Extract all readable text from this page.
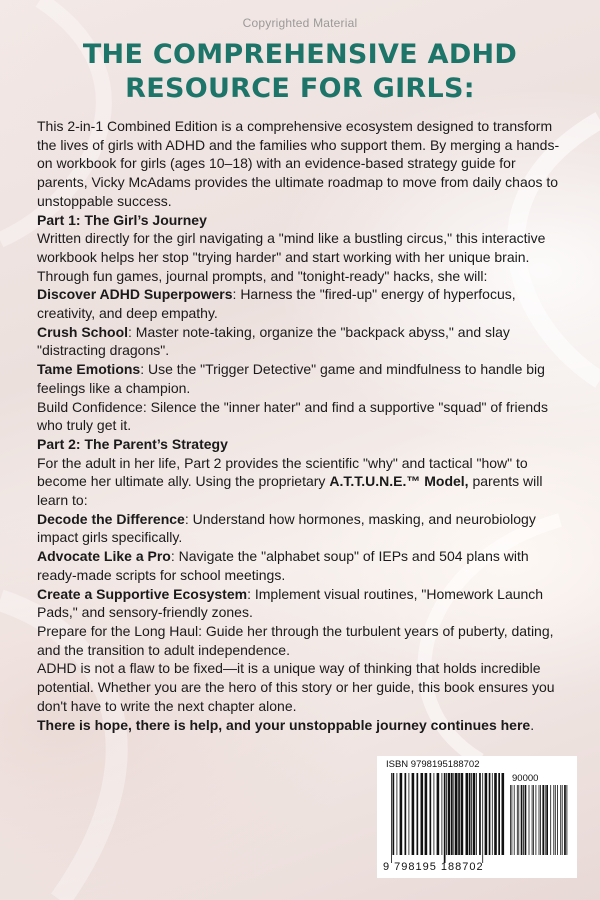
Copyrighted Material
THE COMPREHENSIVE ADHD
RESOURCE FOR GIRLS:

This 2-in-1 Combined Edition is a comprehensive ecosystem designed to transform the lives of girls with ADHD and the families who support them. By merging a hands-on workbook for girls (ages 10–18) with an evidence-based strategy guide for parents, Vicky McAdams provides the ultimate roadmap to move from daily chaos to unstoppable success.

Part 1: The Girl’s Journey

Written directly for the girl navigating a "mind like a bustling circus," this interactive workbook helps her stop "trying harder" and start working with her unique brain. Through fun games, journal prompts, and "tonight-ready" hacks, she will:

Discover ADHD Superpowers: Harness the "fired-up" energy of hyperfocus, creativity, and deep empathy.

Crush School: Master note-taking, organize the "backpack abyss," and slay "distracting dragons".

Tame Emotions: Use the "Trigger Detective" game and mindfulness to handle big feelings like a champion.

Build Confidence: Silence the "inner hater" and find a supportive "squad" of friends who truly get it.

Part 2: The Parent’s Strategy

For the adult in her life, Part 2 provides the scientific "why" and tactical "how" to become her ultimate ally. Using the proprietary A.T.T.U.N.E.™ Model, parents will learn to:

Decode the Difference: Understand how hormones, masking, and neurobiology impact girls specifically.

Advocate Like a Pro: Navigate the "alphabet soup" of IEPs and 504 plans with ready-made scripts for school meetings.

Create a Supportive Ecosystem: Implement visual routines, "Homework Launch Pads," and sensory-friendly zones.

Prepare for the Long Haul: Guide her through the turbulent years of puberty, dating, and the transition to adult independence.

ADHD is not a flaw to be fixed—it is a unique way of thinking that holds incredible potential. Whether you are the hero of this story or her guide, this book ensures you don't have to write the next chapter alone.

There is hope, there is help, and your unstoppable journey continues here.

ISBN 9798195188702
90000
9 798195 188702
